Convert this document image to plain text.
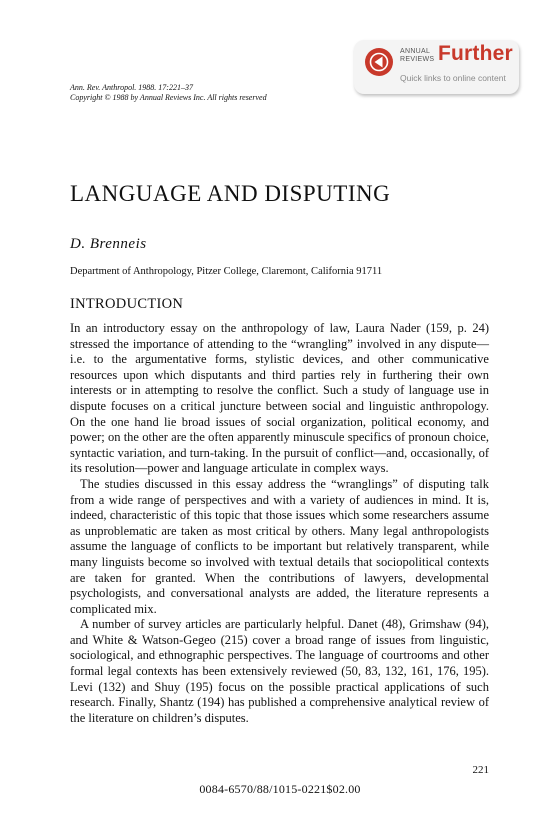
ANNUAL
REVIEWS Further
Quick links to online content
Ann. Rev. Anthropol. 1988. 17:221–37
Copyright © 1988 by Annual Reviews Inc. All rights reserved
LANGUAGE AND DISPUTING
D. Brenneis
Department of Anthropology, Pitzer College, Claremont, California 91711
INTRODUCTION

In an introductory essay on the anthropology of law, Laura Nader (159, p. 24) stressed the importance of attending to the “wrangling” involved in any dispute—i.e. to the argumentative forms, stylistic devices, and other communicative resources upon which disputants and third parties rely in furthering their own interests or in attempting to resolve the conflict. Such a study of language use in dispute focuses on a critical juncture between social and linguistic anthropology. On the one hand lie broad issues of social organization, political economy, and power; on the other are the often apparently minuscule specifics of pronoun choice, syntactic variation, and turn-taking. In the pursuit of conflict—and, occasionally, of its resolution—power and language articulate in complex ways.

The studies discussed in this essay address the “wranglings” of disputing talk from a wide range of perspectives and with a variety of audiences in mind. It is, indeed, characteristic of this topic that those issues which some researchers assume as unproblematic are taken as most critical by others. Many legal anthropologists assume the language of conflicts to be important but relatively transparent, while many linguists become so involved with textual details that sociopolitical contexts are taken for granted. When the contributions of lawyers, developmental psychologists, and conversational analysts are added, the literature represents a complicated mix.

A number of survey articles are particularly helpful. Danet (48), Grimshaw (94), and White & Watson-Gegeo (215) cover a broad range of issues from linguistic, sociological, and ethnographic perspectives. The language of courtrooms and other formal legal contexts has been extensively reviewed (50, 83, 132, 161, 176, 195). Levi (132) and Shuy (195) focus on the possible practical applications of such research. Finally, Shantz (194) has published a comprehensive analytical review of the literature on children’s disputes.

221
0084-6570/88/1015-0221$02.00
